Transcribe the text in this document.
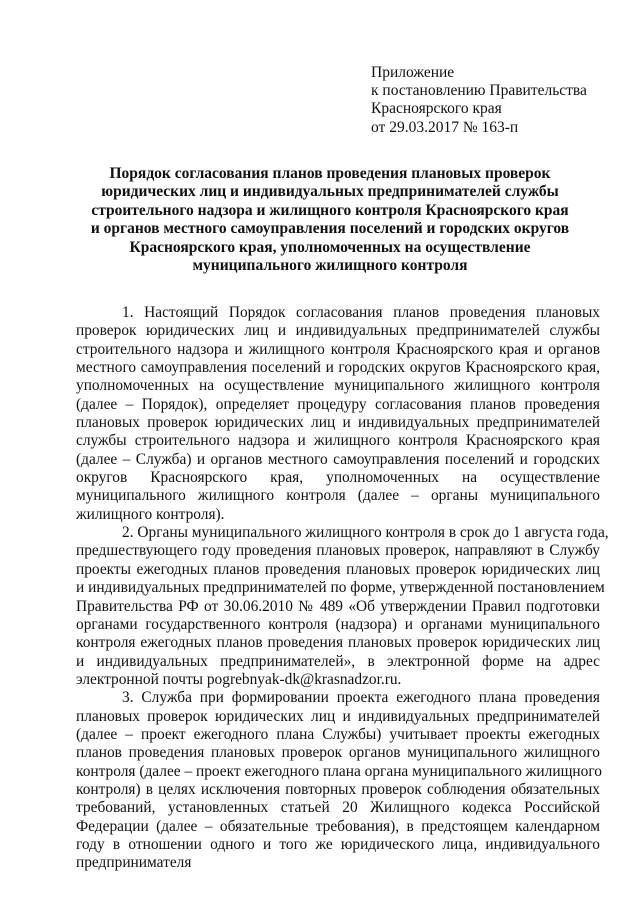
Приложение
к постановлению Правительства
Красноярского края
от 29.03.2017 № 163-п
Порядок согласования планов проведения плановых проверок
юридических лиц и индивидуальных предпринимателей службы
строительного надзора и жилищного контроля Красноярского края
и органов местного самоуправления поселений и городских округов
Красноярского края, уполномоченных на осуществление
муниципального жилищного контроля
1. Настоящий Порядок согласования планов проведения плановых
проверок юридических лиц и индивидуальных предпринимателей службы
строительного надзора и жилищного контроля Красноярского края и органов
местного самоуправления поселений и городских округов Красноярского края,
уполномоченных на осуществление муниципального жилищного контроля
(далее – Порядок), определяет процедуру согласования планов проведения
плановых проверок юридических лиц и индивидуальных предпринимателей
службы строительного надзора и жилищного контроля Красноярского края
(далее – Служба) и органов местного самоуправления поселений и городских
округов Красноярского края, уполномоченных на осуществление
муниципального жилищного контроля (далее – органы муниципального
жилищного контроля).
2. Органы муниципального жилищного контроля в срок до 1 августа года,
предшествующего году проведения плановых проверок, направляют в Службу
проекты ежегодных планов проведения плановых проверок юридических лиц
и индивидуальных предпринимателей по форме, утвержденной постановлением
Правительства РФ от 30.06.2010 № 489 «Об утверждении Правил подготовки
органами государственного контроля (надзора) и органами муниципального
контроля ежегодных планов проведения плановых проверок юридических лиц
и индивидуальных предпринимателей», в электронной форме на адрес
электронной почты pogrebnyak-dk@krasnadzor.ru.
3. Служба при формировании проекта ежегодного плана проведения
плановых проверок юридических лиц и индивидуальных предпринимателей
(далее – проект ежегодного плана Службы) учитывает проекты ежегодных
планов проведения плановых проверок органов муниципального жилищного
контроля (далее – проект ежегодного плана органа муниципального жилищного
контроля) в целях исключения повторных проверок соблюдения обязательных
требований, установленных статьей 20 Жилищного кодекса Российской
Федерации (далее – обязательные требования), в предстоящем календарном
году в отношении одного и того же юридического лица, индивидуального
предпринимателя
